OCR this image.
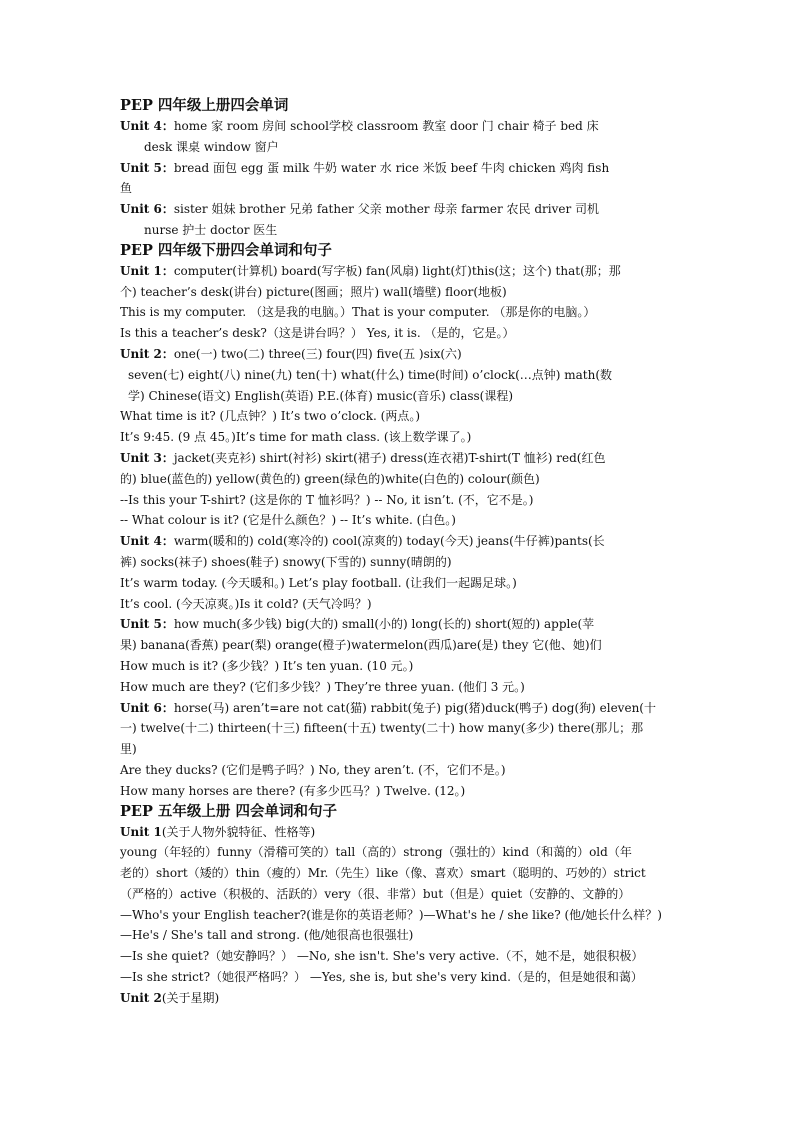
PEP 四年级上册四会单词

Unit 4：home 家 room 房间 school学校 classroom 教室 door 门 chair 椅子 bed 床

desk 课桌 window 窗户

Unit 5：bread 面包 egg 蛋 milk 牛奶 water 水 rice 米饭 beef 牛肉 chicken 鸡肉 fish

鱼

Unit 6：sister 姐妹 brother 兄弟 father 父亲 mother 母亲 farmer 农民 driver 司机

nurse 护士 doctor 医生

PEP 四年级下册四会单词和句子

Unit 1：computer(计算机) board(写字板) fan(风扇) light(灯)this(这；这个) that(那；那

个) teacher’s desk(讲台) picture(图画；照片) wall(墙壁) floor(地板)

This is my computer. （这是我的电脑。）That is your computer. （那是你的电脑。）

Is this a teacher’s desk?（这是讲台吗？） Yes, it is. （是的，它是。）

Unit 2：one(一) two(二) three(三) four(四) five(五 )six(六)

seven(七) eight(八) nine(九) ten(十) what(什么) time(时间) o’clock(…点钟) math(数

学) Chinese(语文) English(英语) P.E.(体育) music(音乐) class(课程)

What time is it? (几点钟？) It’s two o’clock. (两点。)

It’s 9:45. (9 点 45。)It’s time for math class. (该上数学课了。)

Unit 3：jacket(夹克衫) shirt(衬衫) skirt(裙子) dress(连衣裙)T-shirt(T 恤衫) red(红色

的) blue(蓝色的) yellow(黄色的) green(绿色的)white(白色的) colour(颜色)

--Is this your T-shirt? (这是你的 T 恤衫吗？) -- No, it isn’t. (不，它不是。)

-- What colour is it? (它是什么颜色？) -- It’s white. (白色。)

Unit 4：warm(暖和的) cold(寒冷的) cool(凉爽的) today(今天) jeans(牛仔裤)pants(长

裤) socks(袜子) shoes(鞋子) snowy(下雪的) sunny(晴朗的)

It’s warm today. (今天暖和。) Let’s play football. (让我们一起踢足球。)

It’s cool. (今天凉爽。)Is it cold? (天气冷吗？)

Unit 5：how much(多少钱) big(大的) small(小的) long(长的) short(短的) apple(苹

果) banana(香蕉) pear(梨) orange(橙子)watermelon(西瓜)are(是) they 它(他、她)们

How much is it? (多少钱？) It’s ten yuan. (10 元。)

How much are they? (它们多少钱？) They’re three yuan. (他们 3 元。)

Unit 6：horse(马) aren’t=are not cat(猫) rabbit(兔子) pig(猪)duck(鸭子) dog(狗) eleven(十

一) twelve(十二) thirteen(十三) fifteen(十五) twenty(二十) how many(多少) there(那儿；那

里)

Are they ducks? (它们是鸭子吗？) No, they aren’t. (不，它们不是。)

How many horses are there? (有多少匹马？) Twelve. (12。)

PEP 五年级上册 四会单词和句子

Unit 1(关于人物外貌特征、性格等)

young（年轻的）funny（滑稽可笑的）tall（高的）strong（强壮的）kind（和蔼的）old（年

老的）short（矮的）thin（瘦的）Mr.（先生）like（像、喜欢）smart（聪明的、巧妙的）strict

（严格的）active（积极的、活跃的）very（很、非常）but（但是）quiet（安静的、文静的）

—Who's your English teacher?(谁是你的英语老师？)—What's he / she like? (他/她长什么样？)

—He's / She's tall and strong. (他/她很高也很强壮)

—Is she quiet?（她安静吗？） —No, she isn't. She's very active.（不，她不是，她很积极）

—Is she strict?（她很严格吗？） —Yes, she is, but she's very kind.（是的，但是她很和蔼）

Unit 2(关于星期)
